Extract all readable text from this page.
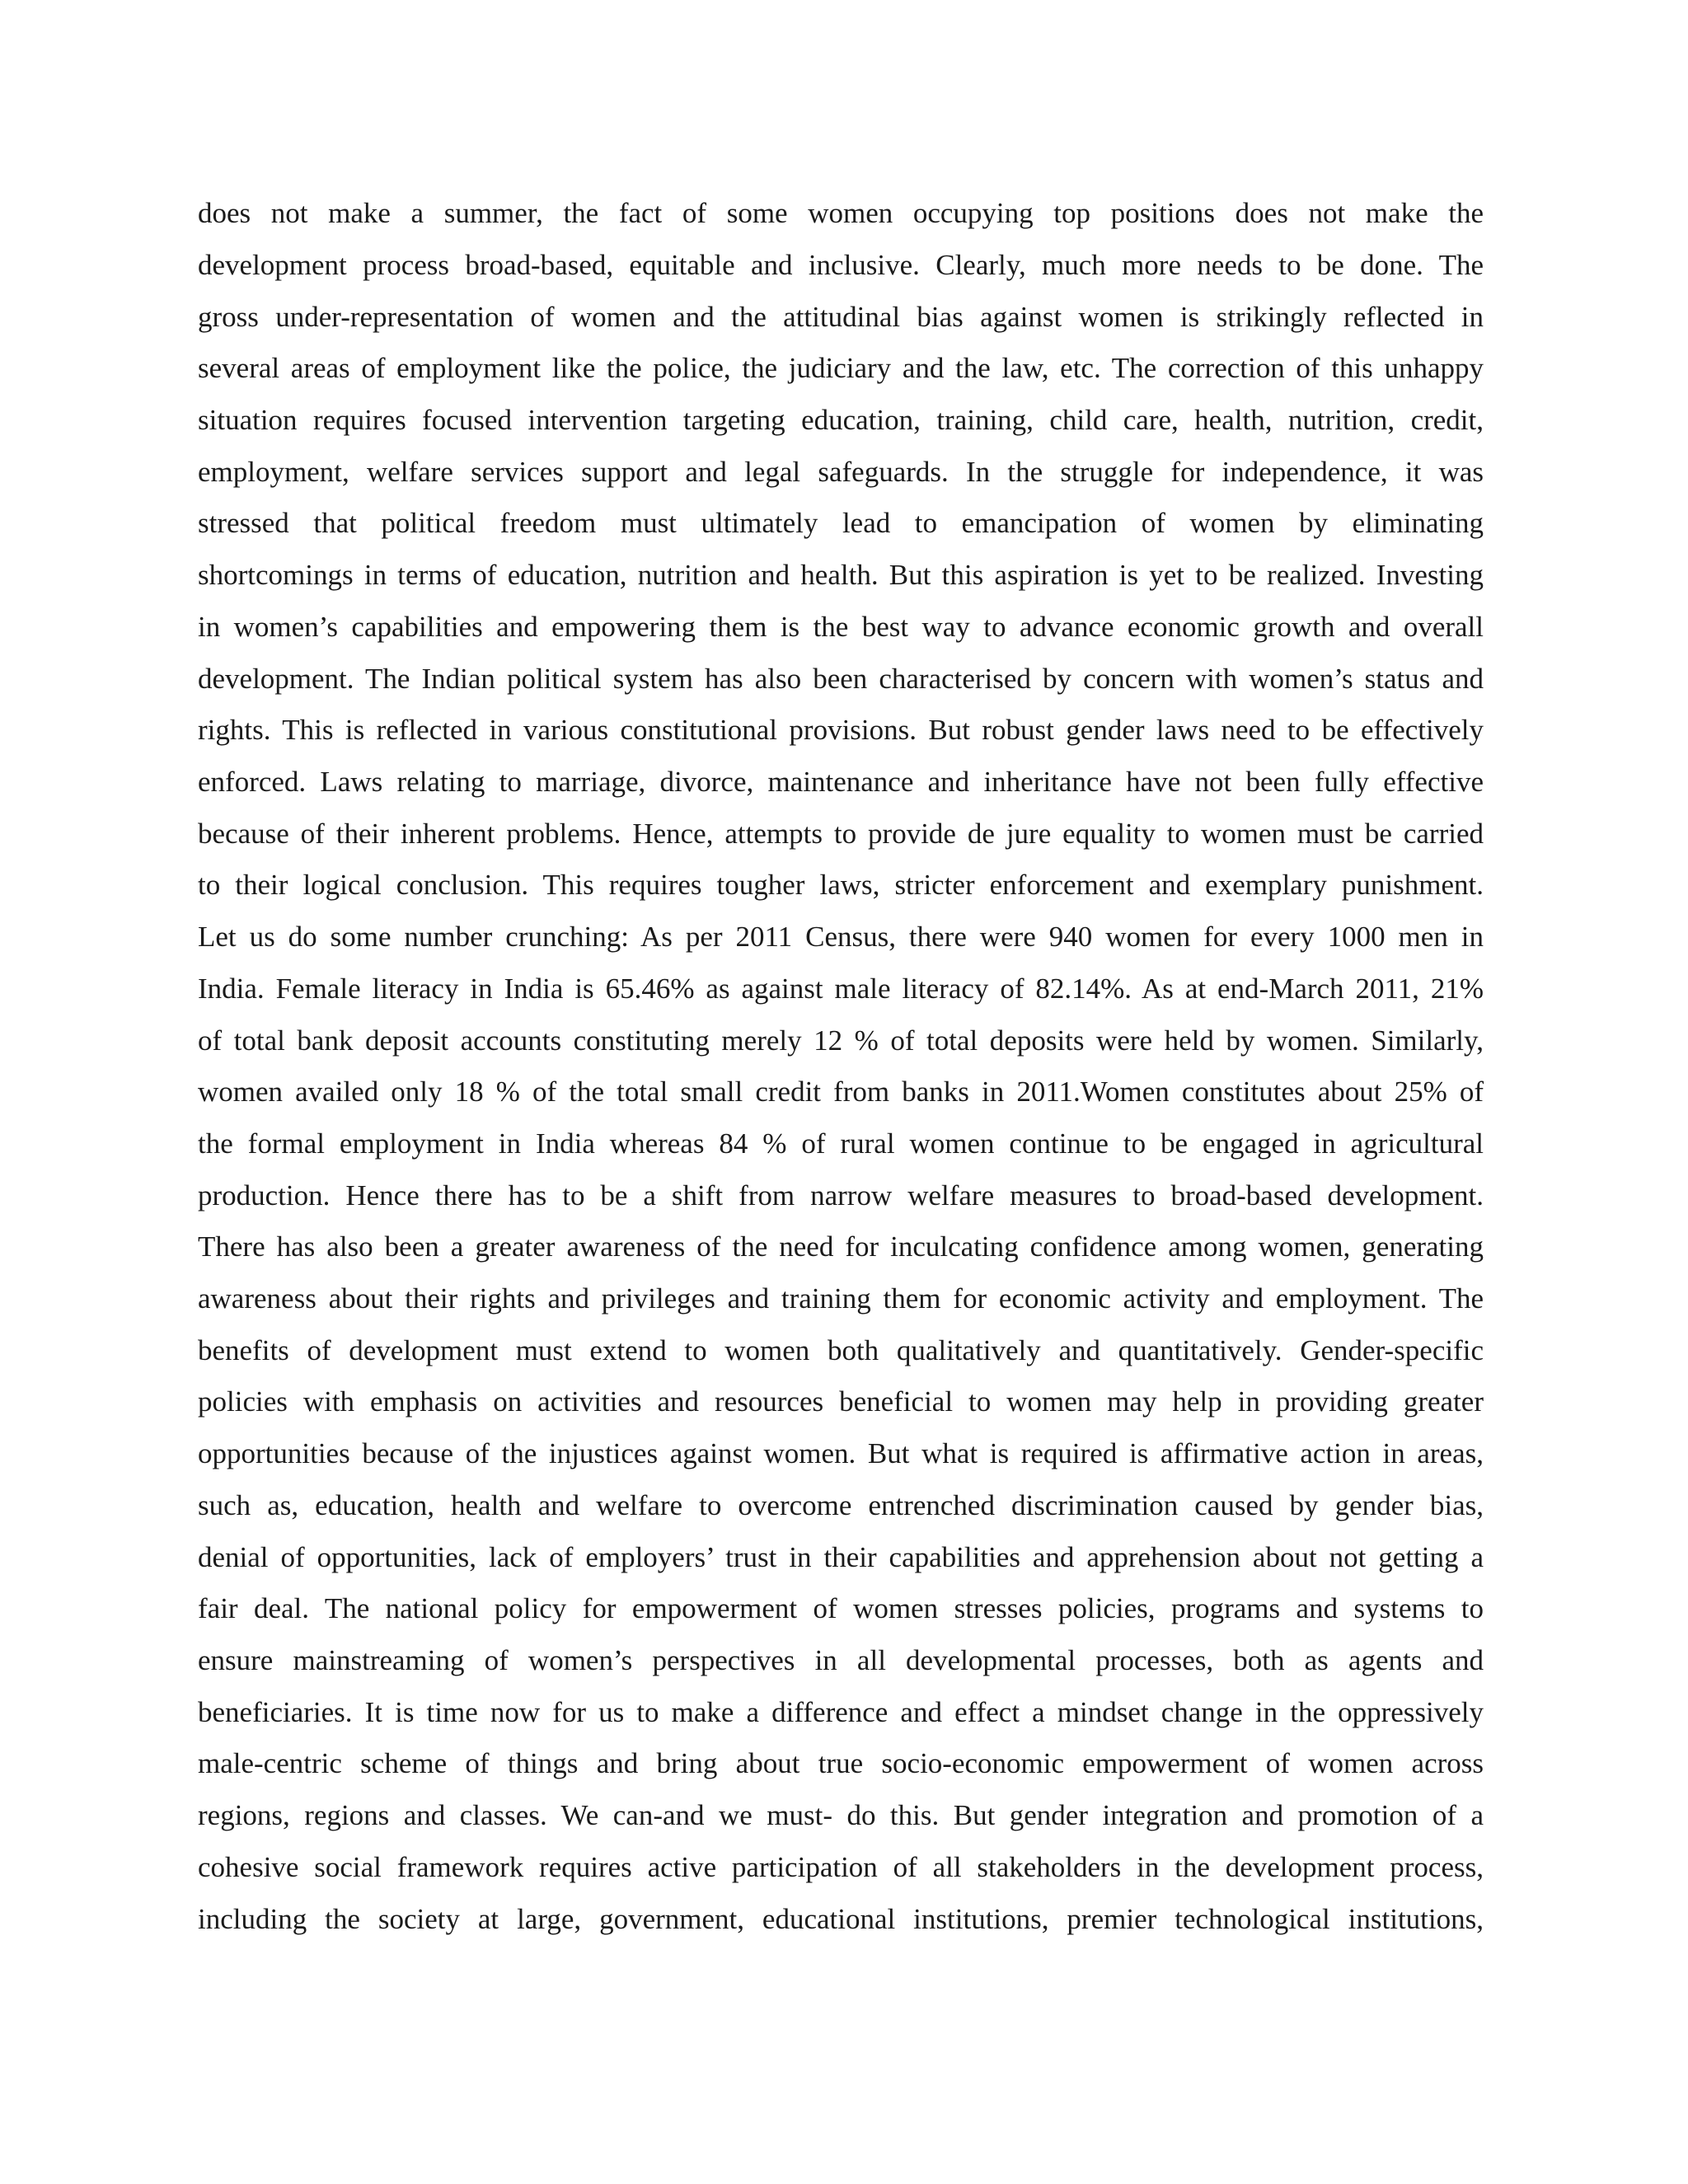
does not make a summer, the fact of some women occupying top positions does not make the
development process broad-based, equitable and inclusive. Clearly, much more needs to be done. The
gross under-representation of women and the attitudinal bias against women is strikingly reflected in
several areas of employment like the police, the judiciary and the law, etc. The correction of this unhappy
situation requires focused intervention targeting education, training, child care, health, nutrition, credit,
employment, welfare services support and legal safeguards. In the struggle for independence, it was
stressed that political freedom must ultimately lead to emancipation of women by eliminating
shortcomings in terms of education, nutrition and health. But this aspiration is yet to be realized. Investing
in women’s capabilities and empowering them is the best way to advance economic growth and overall
development. The Indian political system has also been characterised by concern with women’s status and
rights. This is reflected in various constitutional provisions. But robust gender laws need to be effectively
enforced. Laws relating to marriage, divorce, maintenance and inheritance have not been fully effective
because of their inherent problems. Hence, attempts to provide de jure equality to women must be carried
to their logical conclusion. This requires tougher laws, stricter enforcement and exemplary punishment.
Let us do some number crunching: As per 2011 Census, there were 940 women for every 1000 men in
India. Female literacy in India is 65.46% as against male literacy of 82.14%. As at end-March 2011, 21%
of total bank deposit accounts constituting merely 12 % of total deposits were held by women. Similarly,
women availed only 18 % of the total small credit from banks in 2011.Women constitutes about 25% of
the formal employment in India whereas 84 % of rural women continue to be engaged in agricultural
production. Hence there has to be a shift from narrow welfare measures to broad-based development.
There has also been a greater awareness of the need for inculcating confidence among women, generating
awareness about their rights and privileges and training them for economic activity and employment. The
benefits of development must extend to women both qualitatively and quantitatively. Gender-specific
policies with emphasis on activities and resources beneficial to women may help in providing greater
opportunities because of the injustices against women. But what is required is affirmative action in areas,
such as, education, health and welfare to overcome entrenched discrimination caused by gender bias,
denial of opportunities, lack of employers’ trust in their capabilities and apprehension about not getting a
fair deal. The national policy for empowerment of women stresses policies, programs and systems to
ensure mainstreaming of women’s perspectives in all developmental processes, both as agents and
beneficiaries. It is time now for us to make a difference and effect a mindset change in the oppressively
male-centric scheme of things and bring about true socio-economic empowerment of women across
regions, regions and classes. We can-and we must- do this. But gender integration and promotion of a
cohesive social framework requires active participation of all stakeholders in the development process,
including the society at large, government, educational institutions, premier technological institutions,
